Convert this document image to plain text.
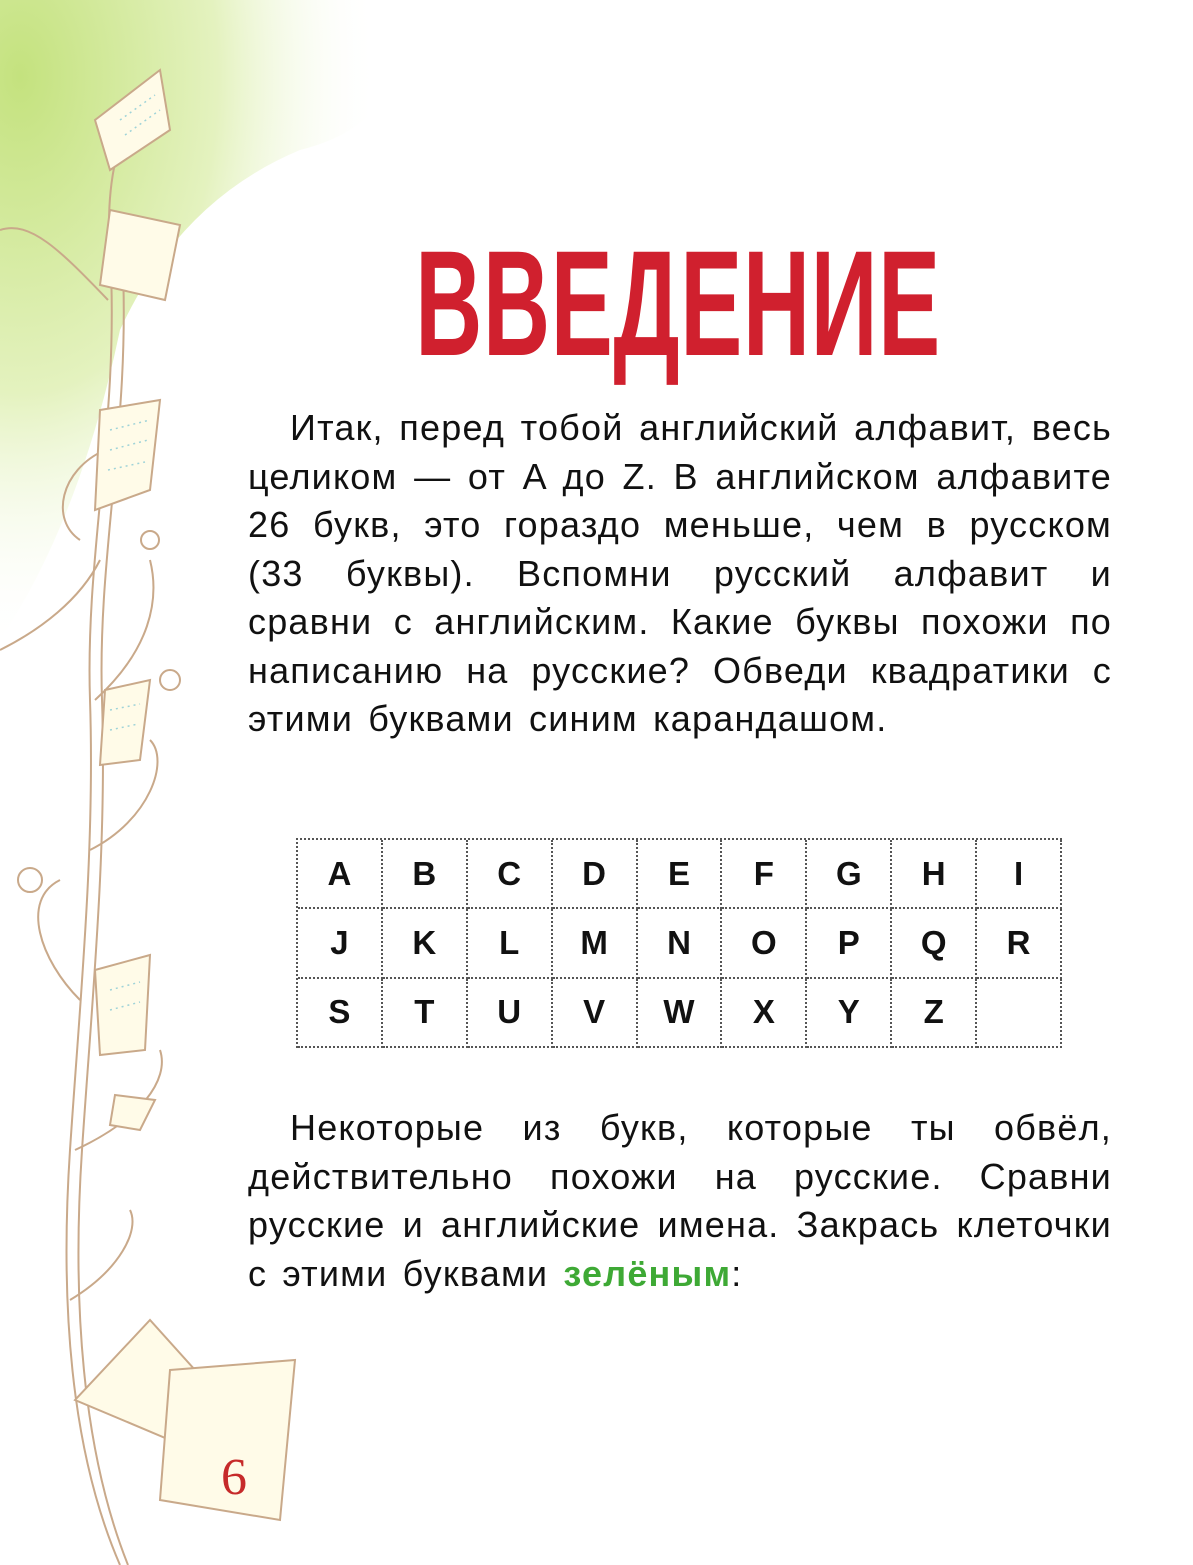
ВВЕДЕНИЕ
Итак, перед тобой английский алфавит, весь целиком — от A до Z. В английском алфавите 26 букв, это гораздо меньше, чем в русском (33 буквы). Вспомни русский алфавит и сравни с английским. Какие буквы похожи по написанию на русские? Обведи квадратики с этими буквами синим карандашом.
A	B	C	D	E	F	G	H	I
J	K	L	M	N	O	P	Q	R
S	T	U	V	W	X	Y	Z
Некоторые из букв, которые ты обвёл, действительно похожи на русские. Сравни русские и английские имена. Закрась клеточки с этими буквами зелёным:
6
